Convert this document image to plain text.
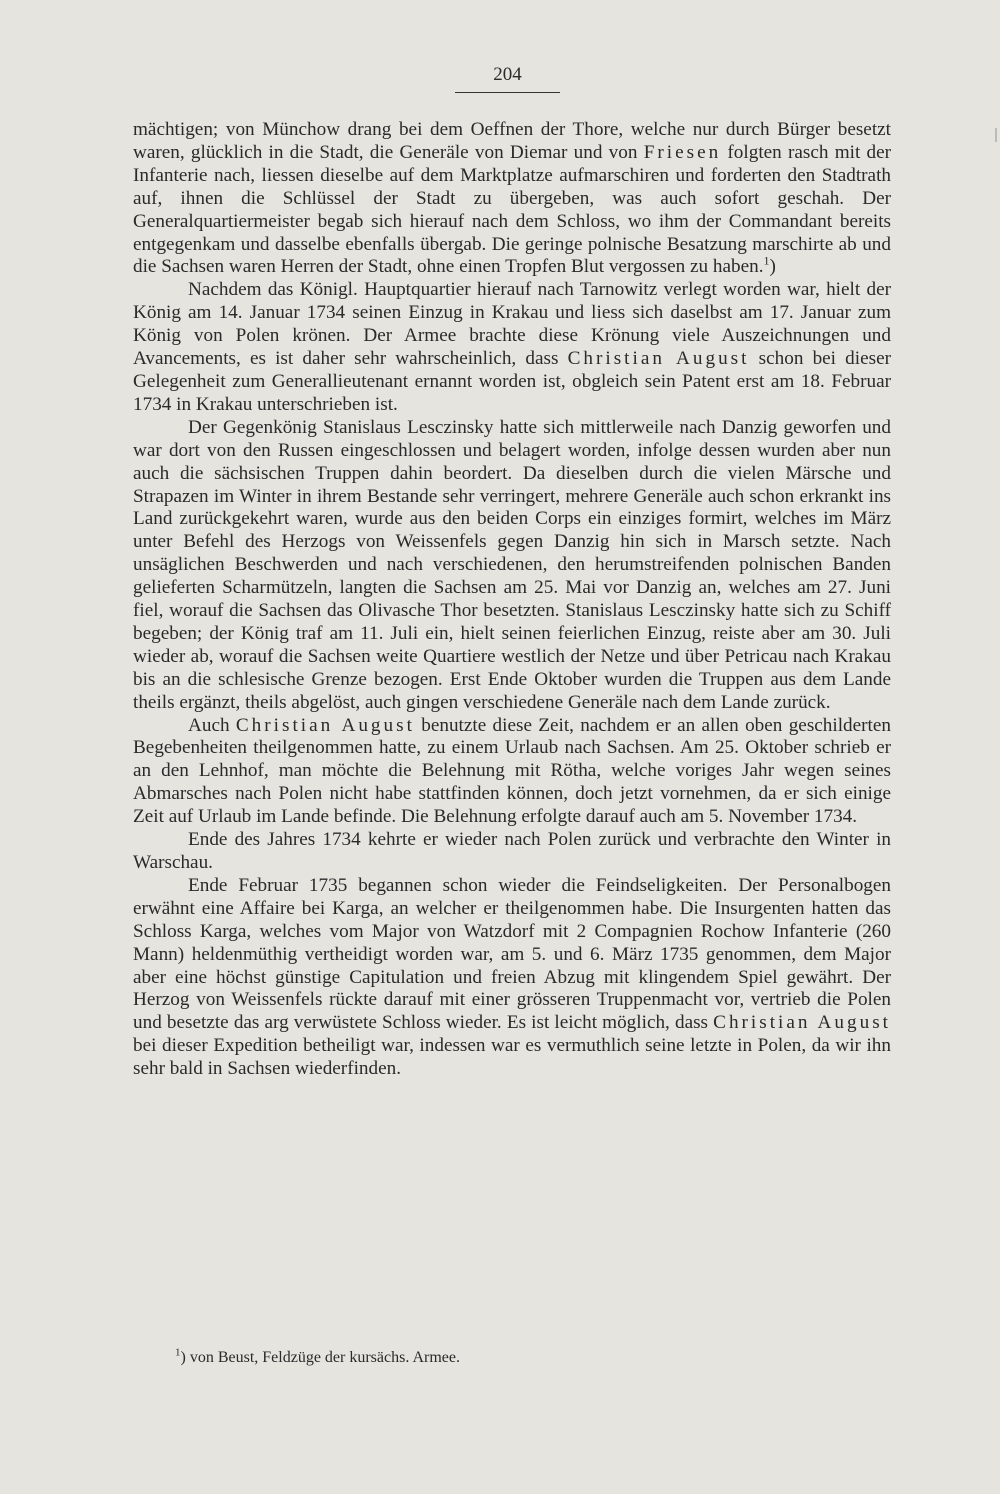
204

mächtigen; von Münchow drang bei dem Oeffnen der Thore, welche nur durch Bürger besetzt waren, glücklich in die Stadt, die Generäle von Diemar und von Friesen folgten rasch mit der Infanterie nach, liessen dieselbe auf dem Marktplatze aufmarschiren und forderten den Stadtrath auf, ihnen die Schlüssel der Stadt zu übergeben, was auch sofort geschah. Der Generalquartiermeister begab sich hierauf nach dem Schloss, wo ihm der Commandant bereits entgegenkam und dasselbe ebenfalls übergab. Die geringe polnische Besatzung marschirte ab und die Sachsen waren Herren der Stadt, ohne einen Tropfen Blut vergossen zu haben.$^1$)

Nachdem das Königl. Hauptquartier hierauf nach Tarnowitz verlegt worden war, hielt der König am 14. Januar 1734 seinen Einzug in Krakau und liess sich daselbst am 17. Januar zum König von Polen krönen. Der Armee brachte diese Krönung viele Auszeichnungen und Avancements, es ist daher sehr wahrscheinlich, dass Christian August schon bei dieser Gelegenheit zum Generallieutenant ernannt worden ist, obgleich sein Patent erst am 18. Februar 1734 in Krakau unterschrieben ist.

Der Gegenkönig Stanislaus Lesczinsky hatte sich mittlerweile nach Danzig geworfen und war dort von den Russen eingeschlossen und belagert worden, infolge dessen wurden aber nun auch die sächsischen Truppen dahin beordert. Da dieselben durch die vielen Märsche und Strapazen im Winter in ihrem Bestande sehr verringert, mehrere Generäle auch schon erkrankt ins Land zurückgekehrt waren, wurde aus den beiden Corps ein einziges formirt, welches im März unter Befehl des Herzogs von Weissenfels gegen Danzig hin sich in Marsch setzte. Nach unsäglichen Beschwerden und nach verschiedenen, den herumstreifenden polnischen Banden gelieferten Scharmützeln, langten die Sachsen am 25. Mai vor Danzig an, welches am 27. Juni fiel, worauf die Sachsen das Olivasche Thor besetzten. Stanislaus Lesczinsky hatte sich zu Schiff begeben; der König traf am 11. Juli ein, hielt seinen feierlichen Einzug, reiste aber am 30. Juli wieder ab, worauf die Sachsen weite Quartiere westlich der Netze und über Petricau nach Krakau bis an die schlesische Grenze bezogen. Erst Ende Oktober wurden die Truppen aus dem Lande theils ergänzt, theils abgelöst, auch gingen verschiedene Generäle nach dem Lande zurück.

Auch Christian August benutzte diese Zeit, nachdem er an allen oben geschilderten Begebenheiten theilgenommen hatte, zu einem Urlaub nach Sachsen. Am 25. Oktober schrieb er an den Lehnhof, man möchte die Belehnung mit Rötha, welche voriges Jahr wegen seines Abmarsches nach Polen nicht habe stattfinden können, doch jetzt vornehmen, da er sich einige Zeit auf Urlaub im Lande befinde. Die Belehnung erfolgte darauf auch am 5. November 1734.

Ende des Jahres 1734 kehrte er wieder nach Polen zurück und verbrachte den Winter in Warschau.

Ende Februar 1735 begannen schon wieder die Feindseligkeiten. Der Personalbogen erwähnt eine Affaire bei Karga, an welcher er theilgenommen habe. Die Insurgenten hatten das Schloss Karga, welches vom Major von Watzdorf mit 2 Compagnien Rochow Infanterie (260 Mann) heldenmüthig vertheidigt worden war, am 5. und 6. März 1735 genommen, dem Major aber eine höchst günstige Capitulation und freien Abzug mit klingendem Spiel gewährt. Der Herzog von Weissenfels rückte darauf mit einer grösseren Truppenmacht vor, vertrieb die Polen und besetzte das arg verwüstete Schloss wieder. Es ist leicht möglich, dass Christian August bei dieser Expedition betheiligt war, indessen war es vermuthlich seine letzte in Polen, da wir ihn sehr bald in Sachsen wiederfinden.

$^1$) von Beust, Feldzüge der kursächs. Armee.
